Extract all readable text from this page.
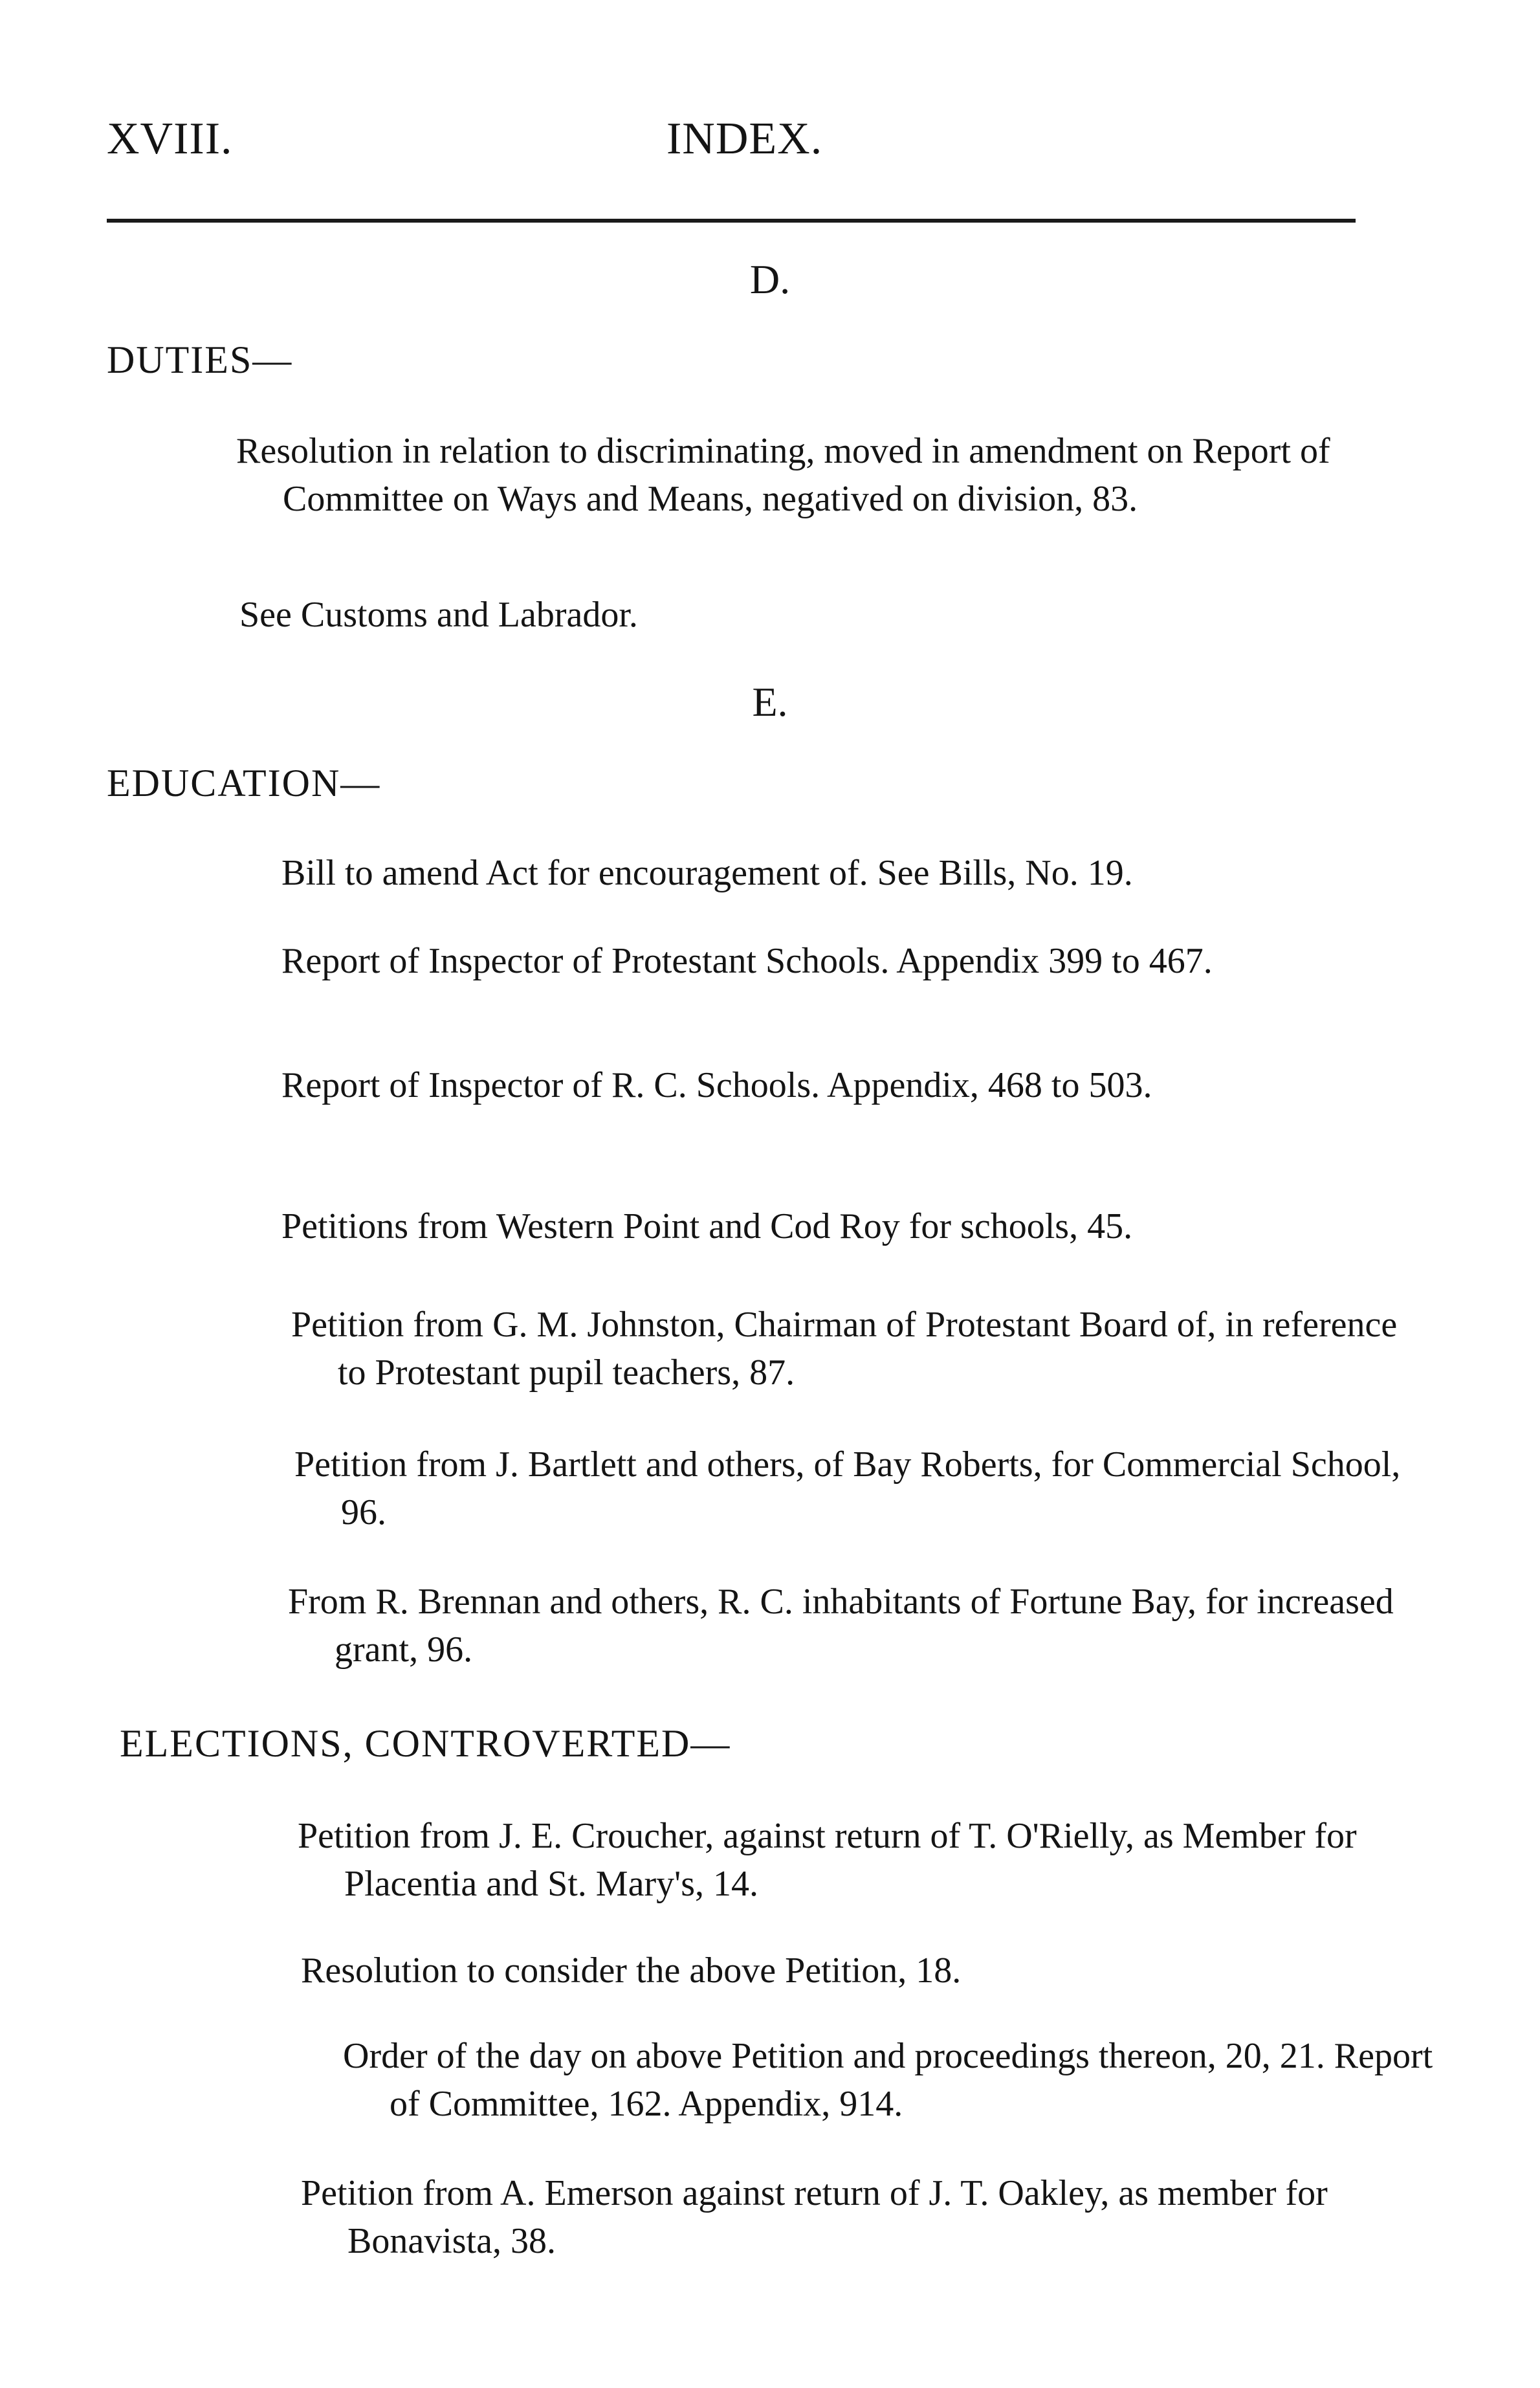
XVIII.	INDEX.
D.
DUTIES—
Resolution in relation to discriminating, moved in amendment on Report of Committee on Ways and Means, negatived on division, 83.
See Customs and Labrador.
E.
EDUCATION—
Bill to amend Act for encouragement of. See Bills, No. 19.
Report of Inspector of Protestant Schools. Appendix 399 to 467.
Report of Inspector of R. C. Schools. Appendix, 468 to 503.
Petitions from Western Point and Cod Roy for schools, 45.
Petition from G. M. Johnston, Chairman of Protestant Board of, in reference to Protestant pupil teachers, 87.
Petition from J. Bartlett and others, of Bay Roberts, for Commercial School, 96.
From R. Brennan and others, R. C. inhabitants of Fortune Bay, for increased grant, 96.
ELECTIONS, CONTROVERTED—
Petition from J. E. Croucher, against return of T. O'Rielly, as Member for Placentia and St. Mary's, 14.
Resolution to consider the above Petition, 18.
Order of the day on above Petition and proceedings thereon, 20, 21. Report of Committee, 162. Appendix, 914.
Petition from A. Emerson against return of J. T. Oakley, as member for Bonavista, 38.
